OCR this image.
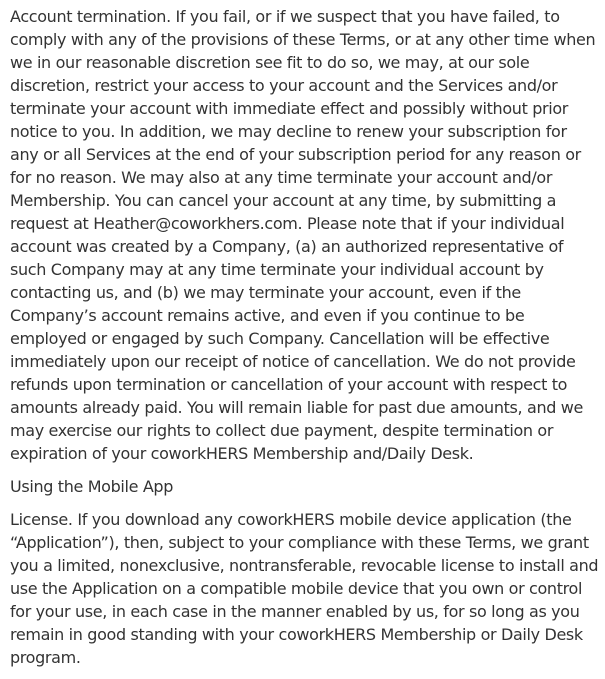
Account termination. If you fail, or if we suspect that you have failed, to comply with any of the provisions of these Terms, or at any other time when we in our reasonable discretion see fit to do so, we may, at our sole discretion, restrict your access to your account and the Services and/or terminate your account with immediate effect and possibly without prior notice to you. In addition, we may decline to renew your subscription for any or all Services at the end of your subscription period for any reason or for no reason. We may also at any time terminate your account and/or Membership. You can cancel your account at any time, by submitting a request at Heather@coworkhers.com. Please note that if your individual account was created by a Company, (a) an authorized representative of such Company may at any time terminate your individual account by contacting us, and (b) we may terminate your account, even if the Company’s account remains active, and even if you continue to be employed or engaged by such Company. Cancellation will be effective immediately upon our receipt of notice of cancellation. We do not provide refunds upon termination or cancellation of your account with respect to amounts already paid. You will remain liable for past due amounts, and we may exercise our rights to collect due payment, despite termination or expiration of your coworkHERS Membership and/Daily Desk.

Using the Mobile App

License. If you download any coworkHERS mobile device application (the “Application”), then, subject to your compliance with these Terms, we grant you a limited, nonexclusive, nontransferable, revocable license to install and use the Application on a compatible mobile device that you own or control for your use, in each case in the manner enabled by us, for so long as you remain in good standing with your coworkHERS Membership or Daily Desk program.
